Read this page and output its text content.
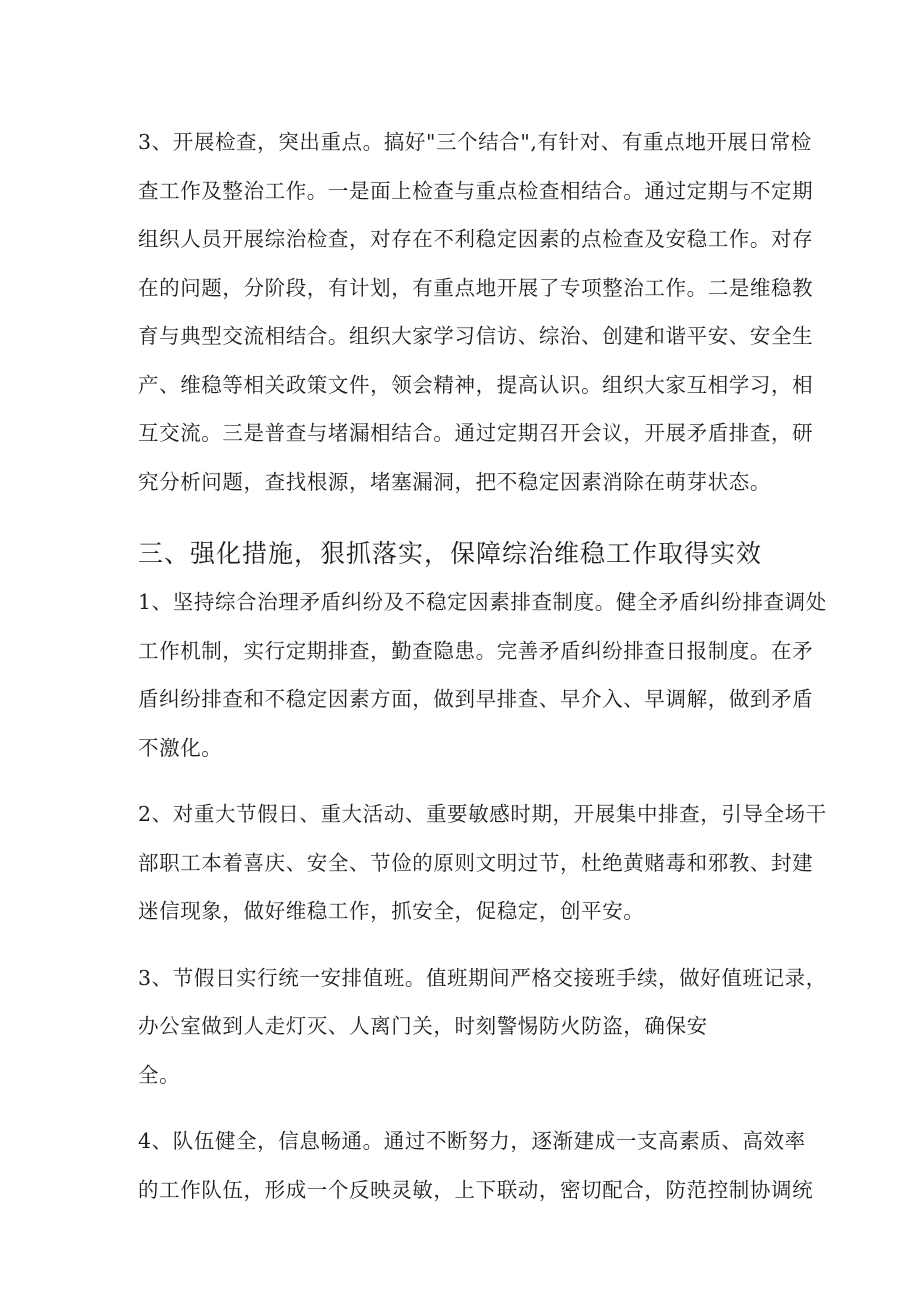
3、开展检查，突出重点。搞好"三个结合",有针对、有重点地开展日常检
查工作及整治工作。一是面上检查与重点检查相结合。通过定期与不定期
组织人员开展综治检查，对存在不利稳定因素的点检查及安稳工作。对存
在的问题，分阶段，有计划，有重点地开展了专项整治工作。二是维稳教
育与典型交流相结合。组织大家学习信访、综治、创建和谐平安、安全生
产、维稳等相关政策文件，领会精神，提高认识。组织大家互相学习，相
互交流。三是普查与堵漏相结合。通过定期召开会议，开展矛盾排查，研
究分析问题，查找根源，堵塞漏洞，把不稳定因素消除在萌芽状态。

三、强化措施，狠抓落实，保障综治维稳工作取得实效

1、坚持综合治理矛盾纠纷及不稳定因素排查制度。健全矛盾纠纷排查调处
工作机制，实行定期排查，勤查隐患。完善矛盾纠纷排查日报制度。在矛
盾纠纷排查和不稳定因素方面，做到早排查、早介入、早调解，做到矛盾
不激化。

2、对重大节假日、重大活动、重要敏感时期，开展集中排查，引导全场干
部职工本着喜庆、安全、节俭的原则文明过节，杜绝黄赌毒和邪教、封建
迷信现象，做好维稳工作，抓安全，促稳定，创平安。

3、节假日实行统一安排值班。值班期间严格交接班手续，做好值班记录，
办公室做到人走灯灭、人离门关，时刻警惕防火防盗，确保安
全。

4、队伍健全，信息畅通。通过不断努力，逐渐建成一支高素质、高效率
的工作队伍，形成一个反映灵敏，上下联动，密切配合，防范控制协调统
